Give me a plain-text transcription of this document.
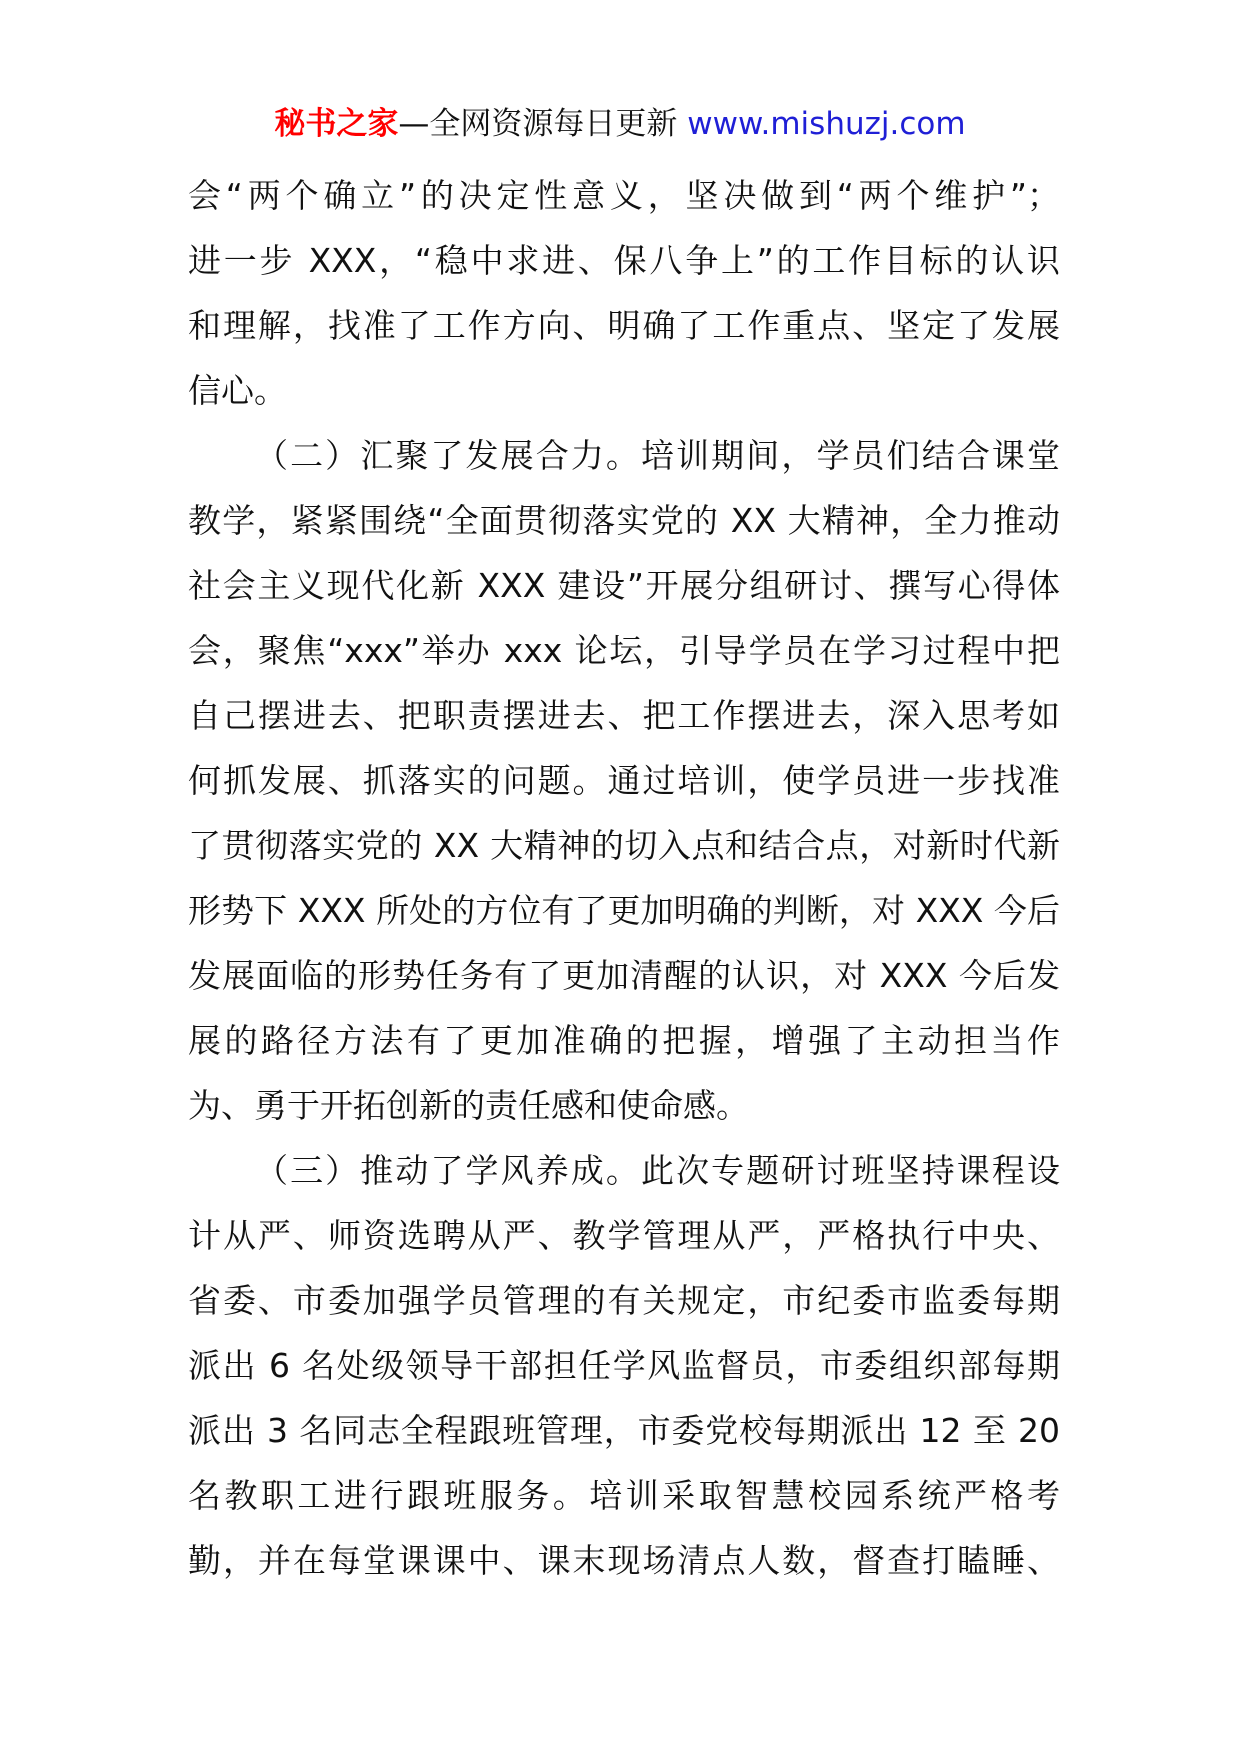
秘书之家—全网资源每日更新 www.mishuzj.com
会“两个确立”的决定性意义，坚决做到“两个维护”；
进一步 XXX，“稳中求进、保八争上”的工作目标的认识
和理解，找准了工作方向、明确了工作重点、坚定了发展
信心。
（二）汇聚了发展合力。培训期间，学员们结合课堂
教学，紧紧围绕“全面贯彻落实党的 XX 大精神，全力推动
社会主义现代化新 XXX 建设”开展分组研讨、撰写心得体
会，聚焦“xxx”举办 xxx 论坛，引导学员在学习过程中把
自己摆进去、把职责摆进去、把工作摆进去，深入思考如
何抓发展、抓落实的问题。通过培训，使学员进一步找准
了贯彻落实党的 XX 大精神的切入点和结合点，对新时代新
形势下 XXX 所处的方位有了更加明确的判断，对 XXX 今后
发展面临的形势任务有了更加清醒的认识，对 XXX 今后发
展的路径方法有了更加准确的把握，增强了主动担当作
为、勇于开拓创新的责任感和使命感。
（三）推动了学风养成。此次专题研讨班坚持课程设
计从严、师资选聘从严、教学管理从严，严格执行中央、
省委、市委加强学员管理的有关规定，市纪委市监委每期
派出 6 名处级领导干部担任学风监督员，市委组织部每期
派出 3 名同志全程跟班管理，市委党校每期派出 12 至 20
名教职工进行跟班服务。培训采取智慧校园系统严格考
勤，并在每堂课课中、课末现场清点人数，督查打瞌睡、
